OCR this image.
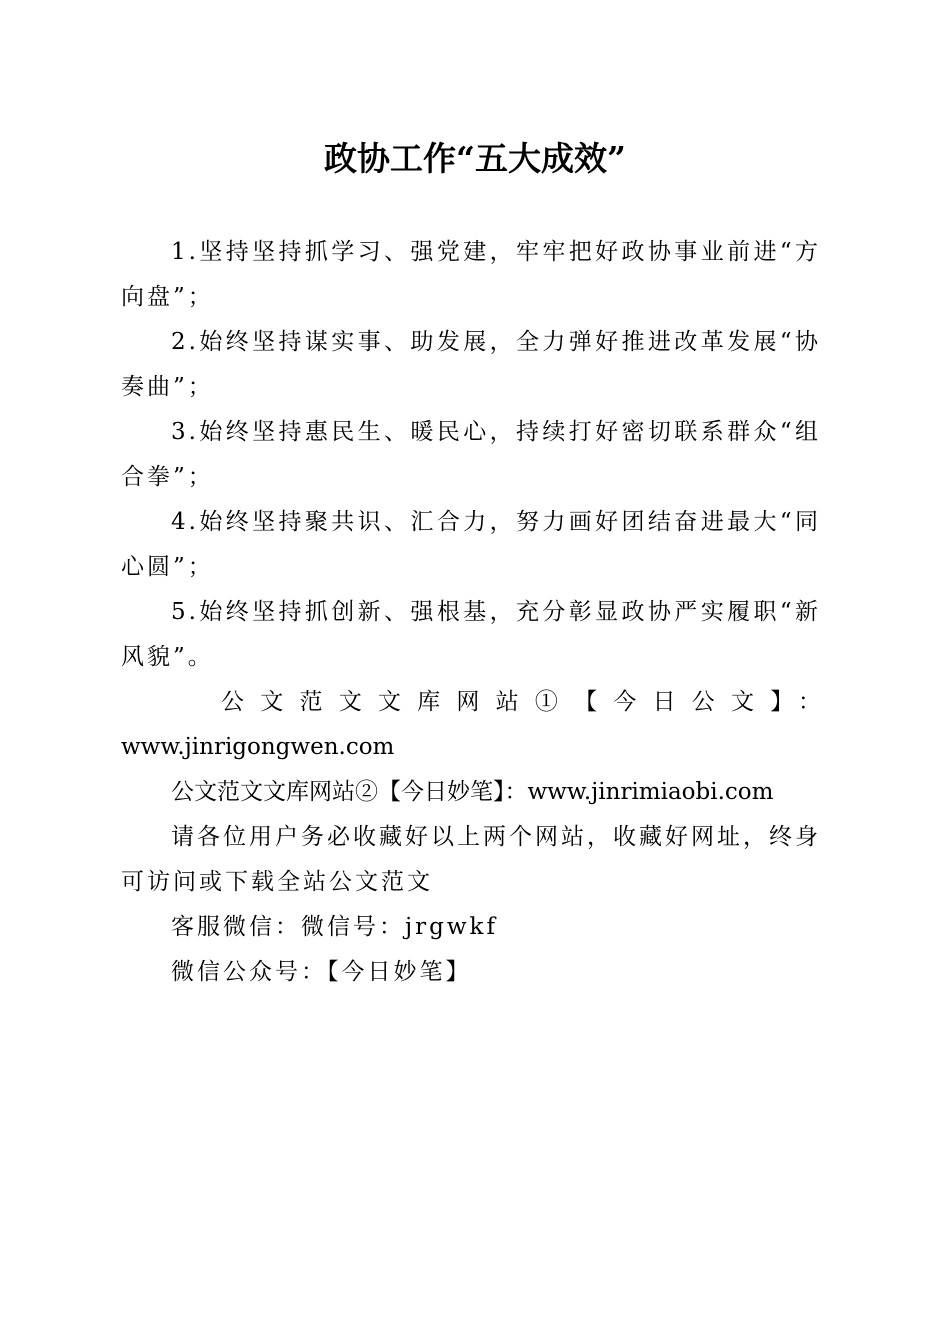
政协工作“五大成效”

1.坚持坚持抓学习、强党建，牢牢把好政协事业前进“方向盘”；

2.始终坚持谋实事、助发展，全力弹好推进改革发展“协奏曲”；

3.始终坚持惠民生、暖民心，持续打好密切联系群众“组合拳”；

4.始终坚持聚共识、汇合力，努力画好团结奋进最大“同心圆”；

5.始终坚持抓创新、强根基，充分彰显政协严实履职“新风貌”。

公文范文文库网站①【今日公文】：
www.jinrigongwen.com

公文范文文库网站②【今日妙笔】：www.jinrimiaobi.com

请各位用户务必收藏好以上两个网站，收藏好网址，终身可访问或下载全站公文范文

客服微信：微信号：jrgwkf

微信公众号：【今日妙笔】
